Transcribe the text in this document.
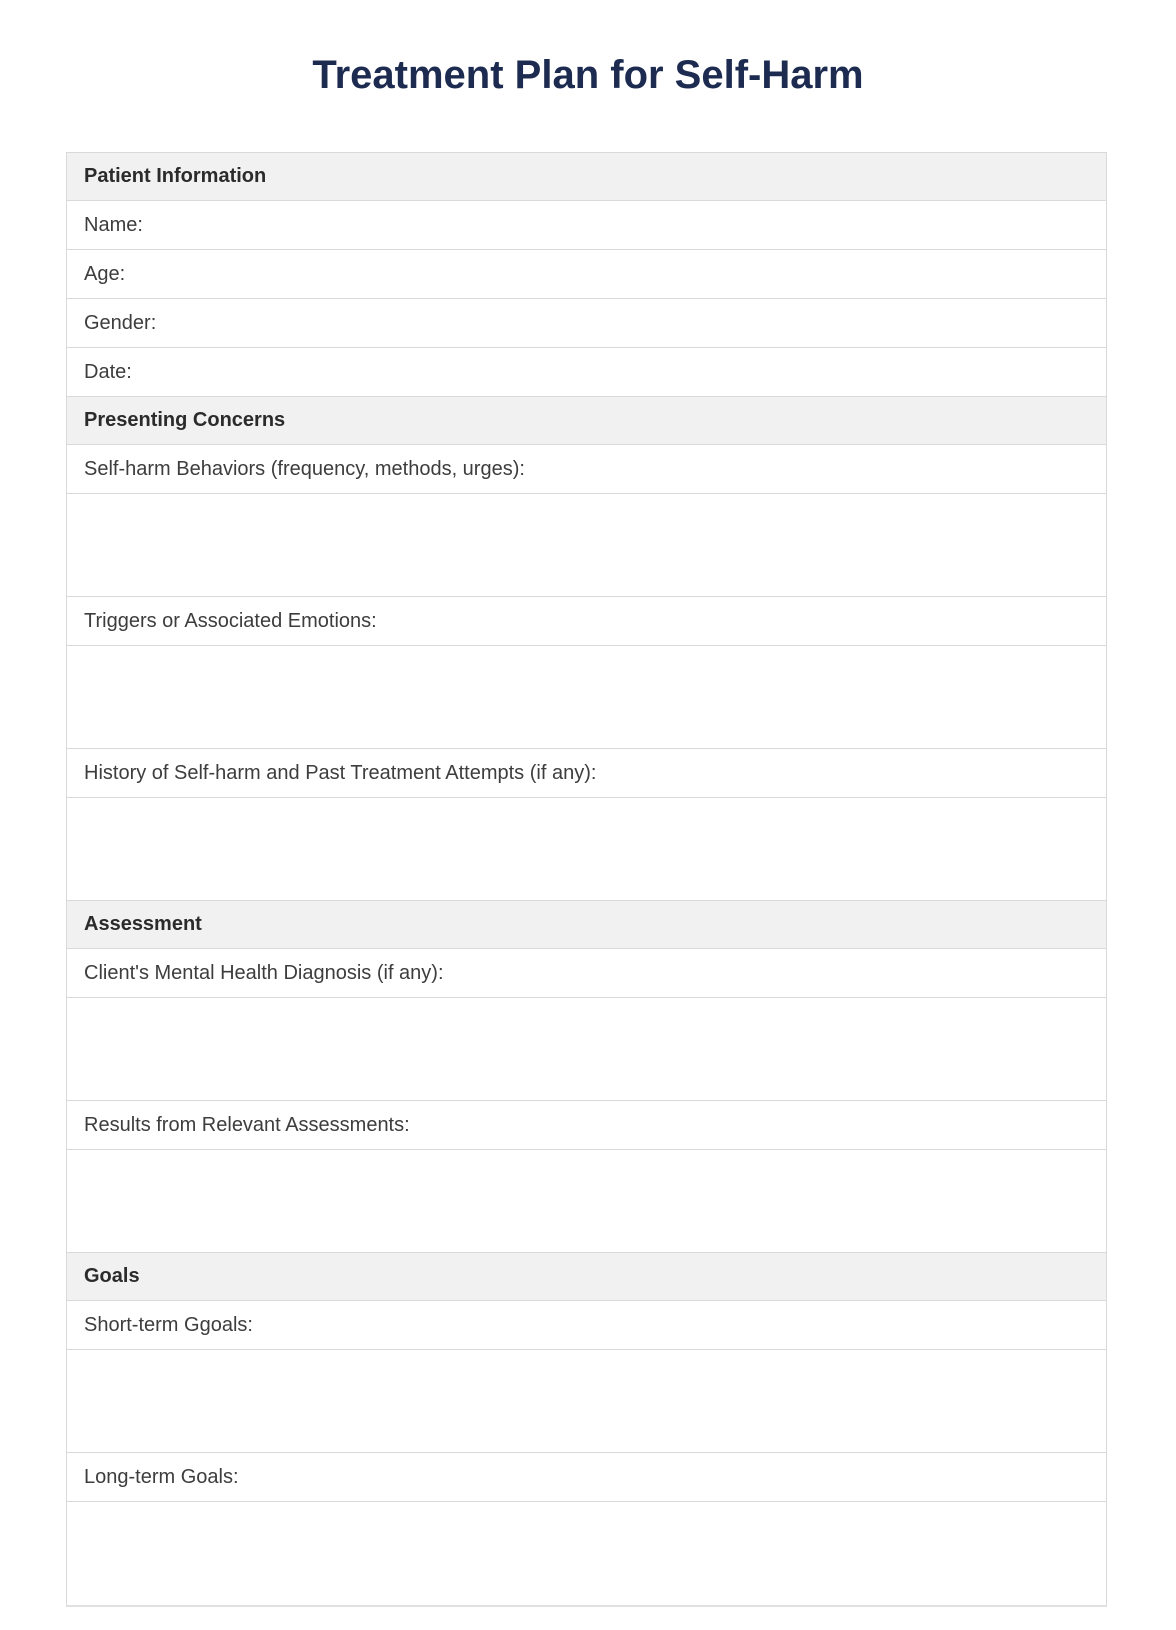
Treatment Plan for Self-Harm
Patient Information
Name:
Age:
Gender:
Date:
Presenting Concerns
Self-harm Behaviors (frequency, methods, urges):
Triggers or Associated Emotions:
History of Self-harm and Past Treatment Attempts (if any):
Assessment
Client's Mental Health Diagnosis (if any):
Results from Relevant Assessments:
Goals
Short-term Ggoals:
Long-term Goals:
